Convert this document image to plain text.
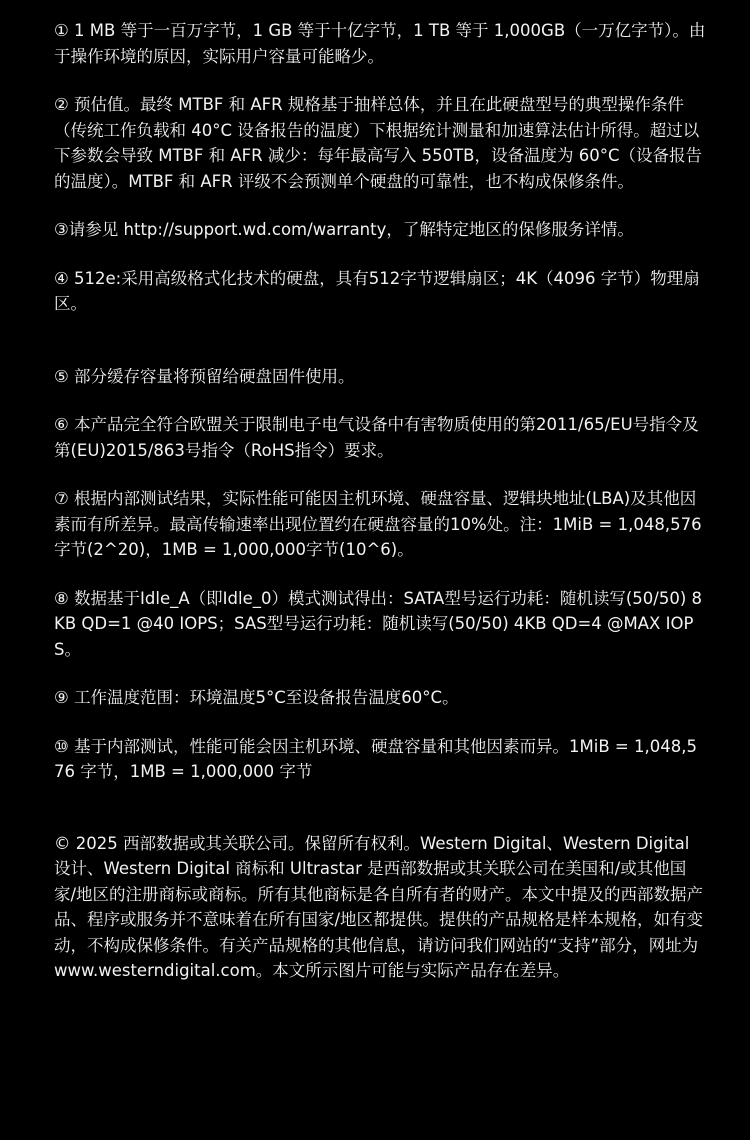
① 1 MB 等于一百万字节，1 GB 等于十亿字节，1 TB 等于 1,000GB（一万亿字节）。由于操作环境的原因，实际用户容量可能略少。

② 预估值。最终 MTBF 和 AFR 规格基于抽样总体，并且在此硬盘型号的典型操作条件（传统工作负载和 40°C 设备报告的温度）下根据统计测量和加速算法估计所得。超过以下参数会导致 MTBF 和 AFR 减少：每年最高写入 550TB，设备温度为 60°C（设备报告的温度）。MTBF 和 AFR 评级不会预测单个硬盘的可靠性，也不构成保修条件。

③请参见 http://support.wd.com/warranty，了解特定地区的保修服务详情。

④ 512e:采用高级格式化技术的硬盘，具有512字节逻辑扇区；4K（4096 字节）物理扇区。

⑤ 部分缓存容量将预留给硬盘固件使用。

⑥ 本产品完全符合欧盟关于限制电子电气设备中有害物质使用的第2011/65/EU号指令及第(EU)2015/863号指令（RoHS指令）要求。

⑦ 根据内部测试结果，实际性能可能因主机环境、硬盘容量、逻辑块地址(LBA)及其他因素而有所差异。最高传输速率出现位置约在硬盘容量的10%处。注：1MiB = 1,048,576字节(2^20)，1MB = 1,000,000字节(10^6)。

⑧ 数据基于Idle_A（即Idle_0）模式测试得出：SATA型号运行功耗：随机读写(50/50) 8KB QD=1 @40 IOPS；SAS型号运行功耗：随机读写(50/50) 4KB QD=4 @MAX IOPS。

⑨ 工作温度范围：环境温度5°C至设备报告温度60°C。

⑩ 基于内部测试，性能可能会因主机环境、硬盘容量和其他因素而异。1MiB = 1,048,576 字节，1MB = 1,000,000 字节

© 2025 西部数据或其关联公司。保留所有权利。Western Digital、Western Digital 设计、Western Digital 商标和 Ultrastar 是西部数据或其关联公司在美国和/或其他国家/地区的注册商标或商标。所有其他商标是各自所有者的财产。本文中提及的西部数据产品、程序或服务并不意味着在所有国家/地区都提供。提供的产品规格是样本规格，如有变动，不构成保修条件。有关产品规格的其他信息，请访问我们网站的“支持”部分，网址为 www.westerndigital.com。本文所示图片可能与实际产品存在差异。
